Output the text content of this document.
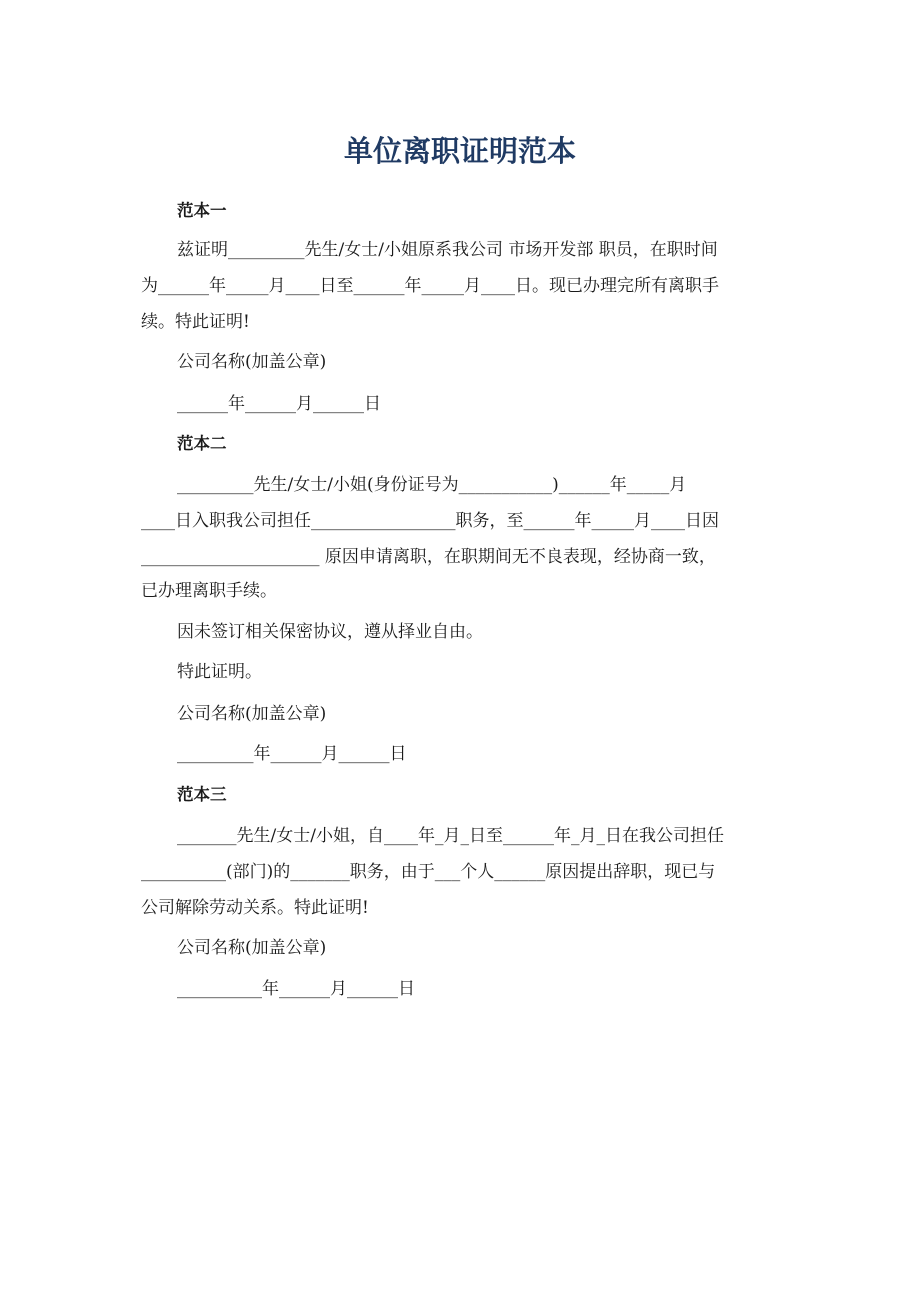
单位离职证明范本

范本一

兹证明_________先生/女士/小姐原系我公司 市场开发部 职员，在职时间

为______年_____月____日至______年_____月____日。现已办理完所有离职手

续。特此证明!

公司名称(加盖公章)

______年______月______日

范本二

_________先生/女士/小姐(身份证号为___________)______年_____月

____日入职我公司担任_________________职务，至______年_____月____日因

_____________________ 原因申请离职，在职期间无不良表现，经协商一致，

已办理离职手续。

因未签订相关保密协议，遵从择业自由。

特此证明。

公司名称(加盖公章)

_________年______月______日

范本三

_______先生/女士/小姐，自____年_月_日至______年_月_日在我公司担任

__________(部门)的_______职务，由于___个人______原因提出辞职，现已与

公司解除劳动关系。特此证明!

公司名称(加盖公章)

__________年______月______日
